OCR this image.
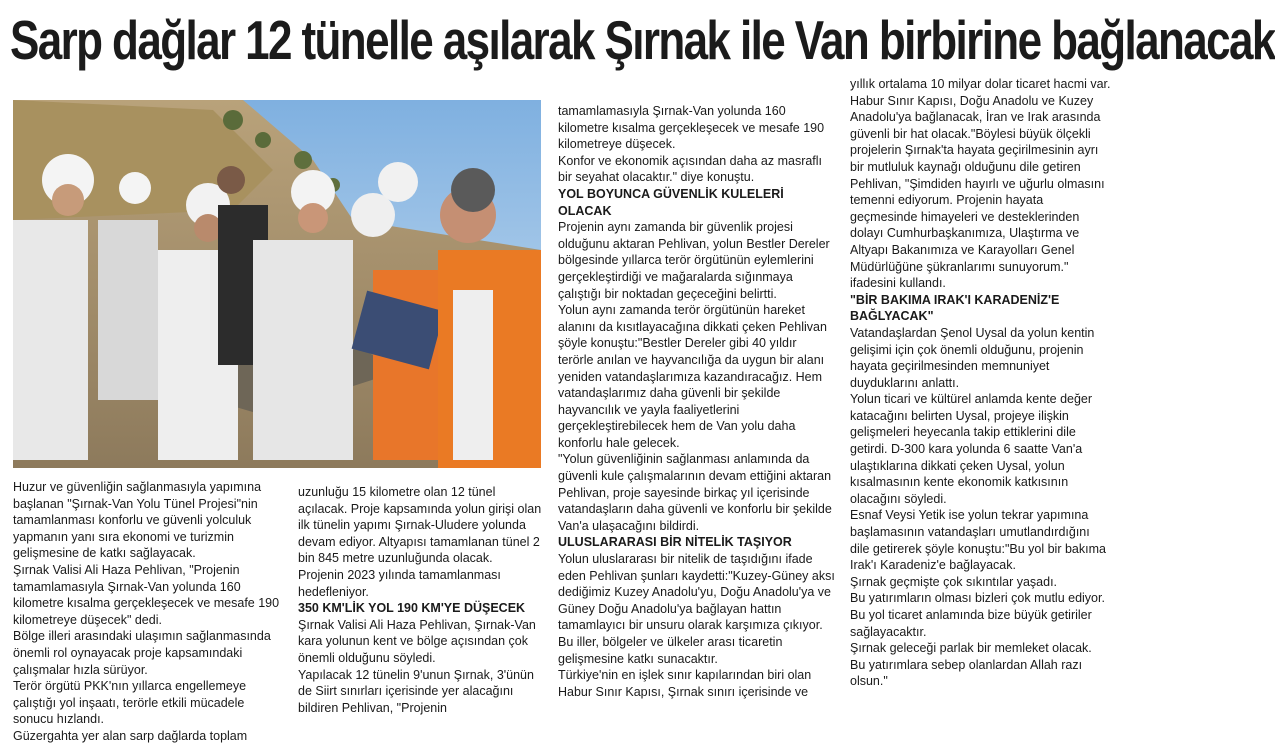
Sarp dağlar 12 tünelle aşılarak Şırnak ile Van birbirine bağlanacak

Huzur ve güvenliğin sağlanmasıyla yapımına başlanan "Şırnak-Van Yolu Tünel Projesi"nin tamamlanması konforlu ve güvenli yolculuk yapmanın yanı sıra ekonomi ve turizmin gelişmesine de katkı sağlayacak.

Şırnak Valisi Ali Haza Pehlivan, "Projenin tamamlamasıyla Şırnak-Van yolunda 160 kilometre kısalma gerçekleşecek ve mesafe 190 kilometreye düşecek" dedi.

Bölge illeri arasındaki ulaşımın sağlanmasında önemli rol oynayacak proje kapsamındaki çalışmalar hızla sürüyor.

Terör örgütü PKK'nın yıllarca engellemeye çalıştığı yol inşaatı, terörle etkili mücadele sonucu hızlandı.

Güzergahta yer alan sarp dağlarda toplam

uzunluğu 15 kilometre olan 12 tünel açılacak. Proje kapsamında yolun girişi olan ilk tünelin yapımı Şırnak-Uludere yolunda devam ediyor. Altyapısı tamamlanan tünel 2 bin 845 metre uzunluğunda olacak.

Projenin 2023 yılında tamamlanması hedefleniyor.

350 KM'LİK YOL 190 KM'YE DÜŞECEK

Şırnak Valisi Ali Haza Pehlivan, Şırnak-Van kara yolunun kent ve bölge açısından çok önemli olduğunu söyledi.

Yapılacak 12 tünelin 9'unun Şırnak, 3'ünün de Siirt sınırları içerisinde yer alacağını bildiren Pehlivan, "Projenin

tamamlamasıyla Şırnak-Van yolunda 160 kilometre kısalma gerçekleşecek ve mesafe 190 kilometreye düşecek.

Konfor ve ekonomik açısından daha az masraflı bir seyahat olacaktır." diye konuştu.

YOL BOYUNCA GÜVENLİK KULELERİ OLACAK

Projenin aynı zamanda bir güvenlik projesi olduğunu aktaran Pehlivan, yolun Bestler Dereler bölgesinde yıllarca terör örgütünün eylemlerini gerçekleştirdiği ve mağaralarda sığınmaya çalıştığı bir noktadan geçeceğini belirtti.

Yolun aynı zamanda terör örgütünün hareket alanını da kısıtlayacağına dikkati çeken Pehlivan şöyle konuştu:"Bestler Dereler gibi 40 yıldır terörle anılan ve hayvancılığa da uygun bir alanı yeniden vatandaşlarımıza kazandıracağız. Hem vatandaşlarımız daha güvenli bir şekilde hayvancılık ve yayla faaliyetlerini gerçekleştirebilecek hem de Van yolu daha konforlu hale gelecek.

"Yolun güvenliğinin sağlanması anlamında da güvenli kule çalışmalarının devam ettiğini aktaran Pehlivan, proje sayesinde birkaç yıl içerisinde vatandaşların daha güvenli ve konforlu bir şekilde Van'a ulaşacağını bildirdi.

ULUSLARARASI BİR NİTELİK TAŞIYOR

Yolun uluslararası bir nitelik de taşıdığını ifade eden Pehlivan şunları kaydetti:"Kuzey-Güney aksı dediğimiz Kuzey Anadolu'yu, Doğu Anadolu'ya ve Güney Doğu Anadolu'ya bağlayan hattın tamamlayıcı bir unsuru olarak karşımıza çıkıyor.

Bu iller, bölgeler ve ülkeler arası ticaretin gelişmesine katkı sunacaktır.

Türkiye'nin en işlek sınır kapılarından biri olan Habur Sınır Kapısı, Şırnak sınırı içerisinde ve

yıllık ortalama 10 milyar dolar ticaret hacmi var. Habur Sınır Kapısı, Doğu Anadolu ve Kuzey Anadolu'ya bağlanacak, İran ve Irak arasında güvenli bir hat olacak."Böylesi büyük ölçekli projelerin Şırnak'ta hayata geçirilmesinin ayrı bir mutluluk kaynağı olduğunu dile getiren Pehlivan, "Şimdiden hayırlı ve uğurlu olmasını temenni ediyorum. Projenin hayata geçmesinde himayeleri ve desteklerinden dolayı Cumhurbaşkanımıza, Ulaştırma ve Altyapı Bakanımıza ve Karayolları Genel Müdürlüğüne şükranlarımı sunuyorum." ifadesini kullandı.

"BİR BAKIMA IRAK'I KARADENİZ'E BAĞLYACAK"

Vatandaşlardan Şenol Uysal da yolun kentin gelişimi için çok önemli olduğunu, projenin hayata geçirilmesinden memnuniyet duyduklarını anlattı.

Yolun ticari ve kültürel anlamda kente değer katacağını belirten Uysal, projeye ilişkin gelişmeleri heyecanla takip ettiklerini dile getirdi. D-300 kara yolunda 6 saatte Van'a ulaştıklarına dikkati çeken Uysal, yolun kısalmasının kente ekonomik katkısının olacağını söyledi.

Esnaf Veysi Yetik ise yolun tekrar yapımına başlamasının vatandaşları umutlandırdığını dile getirerek şöyle konuştu:"Bu yol bir bakıma Irak'ı Karadeniz'e bağlayacak.

Şırnak geçmişte çok sıkıntılar yaşadı.

Bu yatırımların olması bizleri çok mutlu ediyor.

Bu yol ticaret anlamında bize büyük getiriler sağlayacaktır.

Şırnak geleceği parlak bir memleket olacak.

Bu yatırımlara sebep olanlardan Allah razı olsun."
